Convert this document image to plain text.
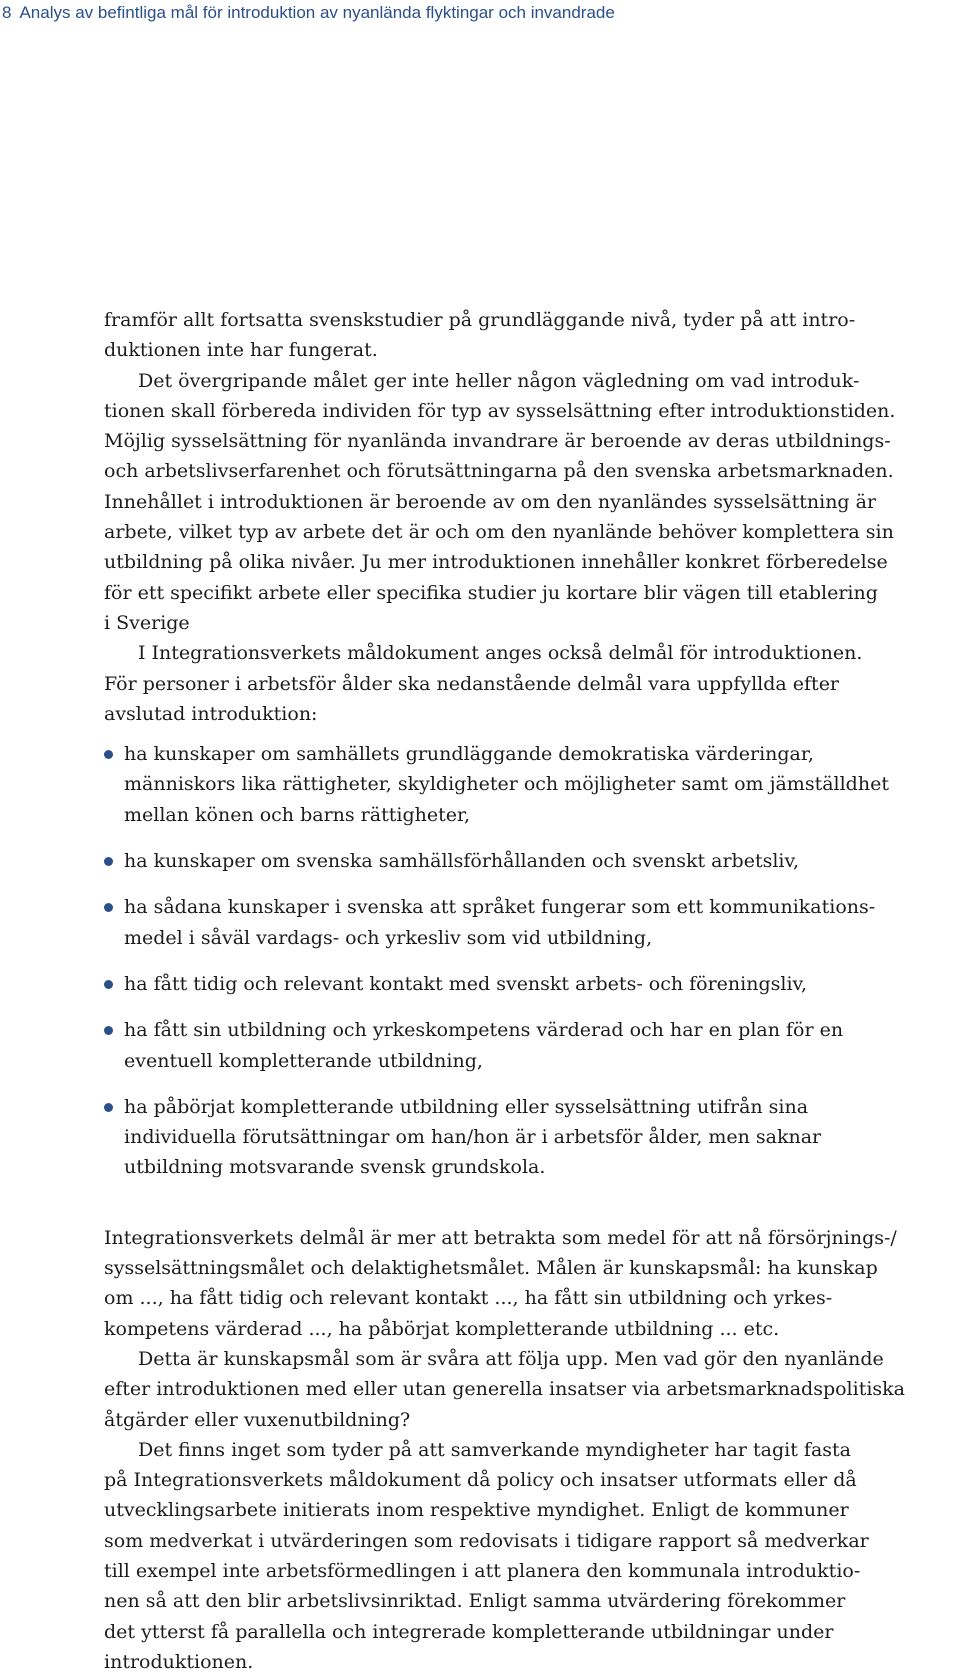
8 Analys av befintliga mål för introduktion av nyanlända flyktingar och invandrade
framför allt fortsatta svenskstudier på grundläggande nivå, tyder på att intro-
duktionen inte har fungerat.
Det övergripande målet ger inte heller någon vägledning om vad introduk-
tionen skall förbereda individen för typ av sysselsättning efter introduktionstiden.
Möjlig sysselsättning för nyanlända invandrare är beroende av deras utbildnings-
och arbetslivserfarenhet och förutsättningarna på den svenska arbetsmarknaden.
Innehållet i introduktionen är beroende av om den nyanländes sysselsättning är
arbete, vilket typ av arbete det är och om den nyanlände behöver komplettera sin
utbildning på olika nivåer. Ju mer introduktionen innehåller konkret förberedelse
för ett specifikt arbete eller specifika studier ju kortare blir vägen till etablering
i Sverige
I Integrationsverkets måldokument anges också delmål för introduktionen.
För personer i arbetsför ålder ska nedanstående delmål vara uppfyllda efter
avslutad introduktion:
ha kunskaper om samhällets grundläggande demokratiska värderingar,
människors lika rättigheter, skyldigheter och möjligheter samt om jämställdhet
mellan könen och barns rättigheter,
ha kunskaper om svenska samhällsförhållanden och svenskt arbetsliv,
ha sådana kunskaper i svenska att språket fungerar som ett kommunikations-
medel i såväl vardags- och yrkesliv som vid utbildning,
ha fått tidig och relevant kontakt med svenskt arbets- och föreningsliv,
ha fått sin utbildning och yrkeskompetens värderad och har en plan för en
eventuell kompletterande utbildning,
ha påbörjat kompletterande utbildning eller sysselsättning utifrån sina
individuella förutsättningar om han/hon är i arbetsför ålder, men saknar
utbildning motsvarande svensk grundskola.
Integrationsverkets delmål är mer att betrakta som medel för att nå försörjnings-/
sysselsättningsmålet och delaktighetsmålet. Målen är kunskapsmål: ha kunskap
om ..., ha fått tidig och relevant kontakt ..., ha fått sin utbildning och yrkes-
kompetens värderad ..., ha påbörjat kompletterande utbildning ... etc.
Detta är kunskapsmål som är svåra att följa upp. Men vad gör den nyanlände
efter introduktionen med eller utan generella insatser via arbetsmarknadspolitiska
åtgärder eller vuxenutbildning?
Det finns inget som tyder på att samverkande myndigheter har tagit fasta
på Integrationsverkets måldokument då policy och insatser utformats eller då
utvecklingsarbete initierats inom respektive myndighet. Enligt de kommuner
som medverkat i utvärderingen som redovisats i tidigare rapport så medverkar
till exempel inte arbetsförmedlingen i att planera den kommunala introduktio-
nen så att den blir arbetslivsinriktad. Enligt samma utvärdering förekommer
det ytterst få parallella och integrerade kompletterande utbildningar under
introduktionen.
